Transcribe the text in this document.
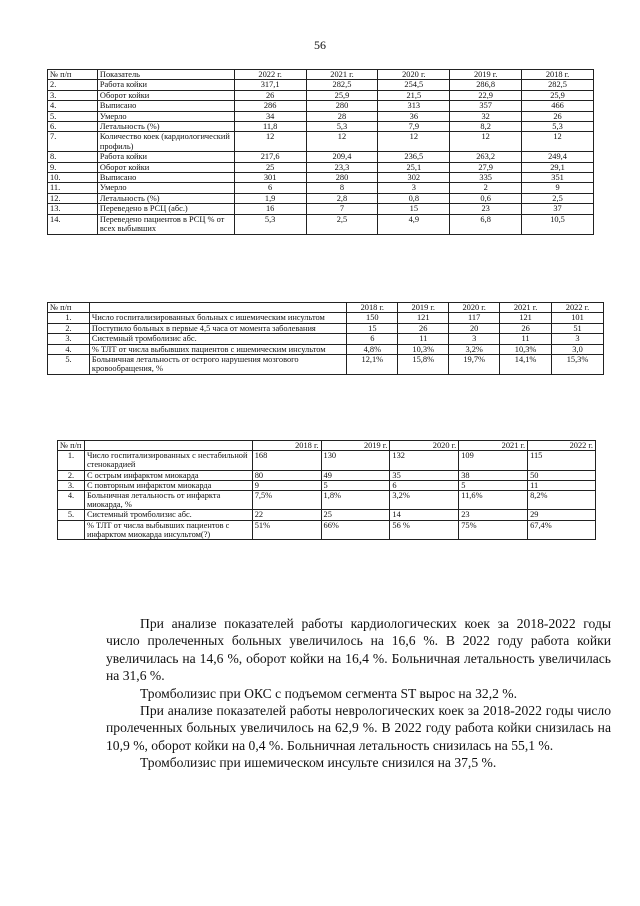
56
№ п/п	Показатель	2022 г.	2021 г.	2020 г.	2019 г.	2018 г.
2.	Работа койки	317,1	282,5	254,5	286,8	282,5
3.	Оборот койки	26	25,9	21,5	22,9	25,9
4.	Выписано	286	280	313	357	466
5.	Умерло	34	28	36	32	26
6.	Летальность (%)	11,8	5,3	7,9	8,2	5,3
7.	Количество коек (кардиологический профиль)	12	12	12	12	12
8.	Работа койки	217,6	209,4	236,5	263,2	249,4
9.	Оборот койки	25	23,3	25,1	27,9	29,1
10.	Выписано	301	280	302	335	351
11.	Умерло	6	8	3	2	9
12.	Летальность (%)	1,9	2,8	0,8	0,6	2,5
13.	Переведено в РСЦ (абс.)	16	7	15	23	37
14.	Переведено пациентов в РСЦ % от всех выбывших	5,3	2,5	4,9	6,8	10,5
№ п/п		2018 г.	2019 г.	2020 г.	2021 г.	2022 г.
1.	Число госпитализированных больных с ишемическим инсультом	150	121	117	121	101
2.	Поступило больных в первые 4,5 часа от момента заболевания	15	26	20	26	51
3.	Системный тромболизис абс.	6	11	3	11	3
4.	% ТЛТ от числа выбывших пациентов с ишемическим инсультом	4,8%	10,3%	3,2%	10,3%	3,0
5.	Больничная летальность от острого нарушения мозгового кровообращения, %	12,1%	15,8%	19,7%	14,1%	15,3%
№ п/п		2018 г.	2019 г.	2020 г.	2021 г.	2022 г.
1.	Число госпитализированных с нестабильной стенокардией	168	130	132	109	115
2.	С острым инфарктом миокарда	80	49	35	38	50
3.	С повторным инфарктом миокарда	9	5	6	5	11
4.	Больничная летальность от инфаркта миокарда, %	7,5%	1,8%	3,2%	11,6%	8,2%
5.	Системный тромболизис абс.	22	25	14	23	29
	% ТЛТ от числа выбывших пациентов с инфарктом миокарда инсультом(?)	51%	66%	56 %	75%	67,4%

При анализе показателей работы кардиологических коек за 2018-2022 годы число пролеченных больных увеличилось на 16,6 %. В 2022 году работа койки увеличилась на 14,6 %, оборот койки на 16,4 %. Больничная летальность увеличилась на 31,6 %.

Тромболизис при ОКС с подъемом сегмента ST вырос на 32,2 %.

При анализе показателей работы неврологических коек за 2018-2022 годы число пролеченных больных увеличилось на 62,9 %. В 2022 году работа койки снизилась на 10,9 %, оборот койки на 0,4 %. Больничная летальность снизилась на 55,1 %.

Тромболизис при ишемическом инсульте снизился на 37,5 %.
